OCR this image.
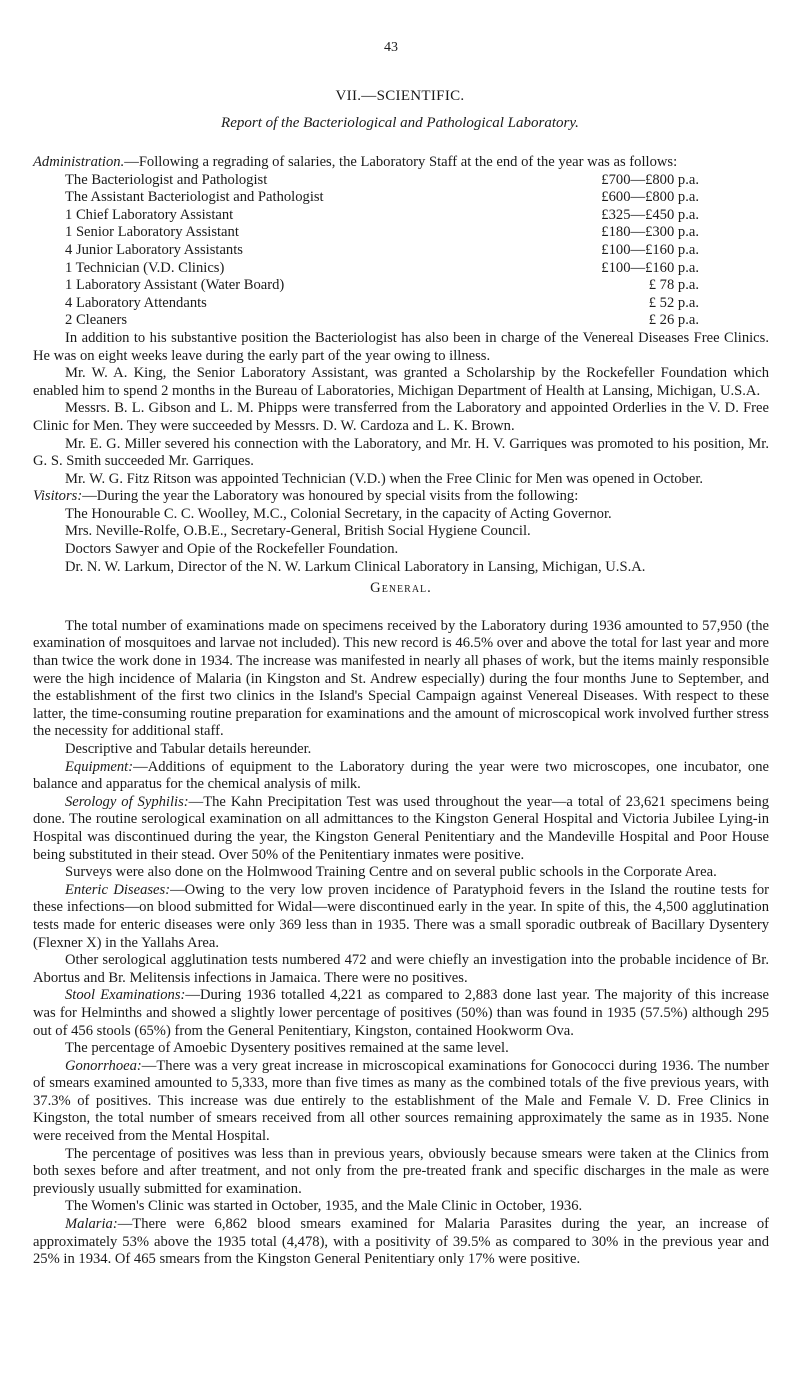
43
VII.—SCIENTIFIC.
Report of the Bacteriological and Pathological Laboratory.

Administration.—Following a regrading of salaries, the Laboratory Staff at the end of the year was as follows:

The Bacteriologist and Pathologist	£700—£800 p.a.
The Assistant Bacteriologist and Pathologist	£600—£800 p.a.
1 Chief Laboratory Assistant	£325—£450 p.a.
1 Senior Laboratory Assistant	£180—£300 p.a.
4 Junior Laboratory Assistants	£100—£160 p.a.
1 Technician (V.D. Clinics)	£100—£160 p.a.
1 Laboratory Assistant (Water Board)	£ 78 p.a.
4 Laboratory Attendants	£ 52 p.a.
2 Cleaners	£ 26 p.a.

In addition to his substantive position the Bacteriologist has also been in charge of the Venereal Diseases Free Clinics. He was on eight weeks leave during the early part of the year owing to illness.

Mr. W. A. King, the Senior Laboratory Assistant, was granted a Scholarship by the Rockefeller Foundation which enabled him to spend 2 months in the Bureau of Laboratories, Michigan Department of Health at Lansing, Michigan, U.S.A.

Messrs. B. L. Gibson and L. M. Phipps were transferred from the Laboratory and appointed Orderlies in the V. D. Free Clinic for Men. They were succeeded by Messrs. D. W. Cardoza and L. K. Brown.

Mr. E. G. Miller severed his connection with the Laboratory, and Mr. H. V. Garriques was promoted to his position, Mr. G. S. Smith succeeded Mr. Garriques.

Mr. W. G. Fitz Ritson was appointed Technician (V.D.) when the Free Clinic for Men was opened in October.

Visitors:—During the year the Laboratory was honoured by special visits from the following:

The Honourable C. C. Woolley, M.C., Colonial Secretary, in the capacity of Acting Governor.

Mrs. Neville-Rolfe, O.B.E., Secretary-General, British Social Hygiene Council.

Doctors Sawyer and Opie of the Rockefeller Foundation.

Dr. N. W. Larkum, Director of the N. W. Larkum Clinical Laboratory in Lansing, Michigan, U.S.A.

General.

The total number of examinations made on specimens received by the Laboratory during 1936 amounted to 57,950 (the examination of mosquitoes and larvae not included). This new record is 46.5% over and above the total for last year and more than twice the work done in 1934. The increase was manifested in nearly all phases of work, but the items mainly responsible were the high incidence of Malaria (in Kingston and St. Andrew especially) during the four months June to September, and the establishment of the first two clinics in the Island's Special Campaign against Venereal Diseases. With respect to these latter, the time-consuming routine preparation for examinations and the amount of microscopical work involved further stress the necessity for additional staff.

Descriptive and Tabular details hereunder.

Equipment:—Additions of equipment to the Laboratory during the year were two microscopes, one incubator, one balance and apparatus for the chemical analysis of milk.

Serology of Syphilis:—The Kahn Precipitation Test was used throughout the year—a total of 23,621 specimens being done. The routine serological examination on all admittances to the Kingston General Hospital and Victoria Jubilee Lying-in Hospital was discontinued during the year, the Kingston General Penitentiary and the Mandeville Hospital and Poor House being substituted in their stead. Over 50% of the Penitentiary inmates were positive.

Surveys were also done on the Holmwood Training Centre and on several public schools in the Corporate Area.

Enteric Diseases:—Owing to the very low proven incidence of Paratyphoid fevers in the Island the routine tests for these infections—on blood submitted for Widal—were discontinued early in the year. In spite of this, the 4,500 agglutination tests made for enteric diseases were only 369 less than in 1935. There was a small sporadic outbreak of Bacillary Dysentery (Flexner X) in the Yallahs Area.

Other serological agglutination tests numbered 472 and were chiefly an investigation into the probable incidence of Br. Abortus and Br. Melitensis infections in Jamaica. There were no positives.

Stool Examinations:—During 1936 totalled 4,221 as compared to 2,883 done last year. The majority of this increase was for Helminths and showed a slightly lower percentage of positives (50%) than was found in 1935 (57.5%) although 295 out of 456 stools (65%) from the General Penitentiary, Kingston, contained Hookworm Ova.

The percentage of Amoebic Dysentery positives remained at the same level.

Gonorrhoea:—There was a very great increase in microscopical examinations for Gonococci during 1936. The number of smears examined amounted to 5,333, more than five times as many as the combined totals of the five previous years, with 37.3% of positives. This increase was due entirely to the establishment of the Male and Female V. D. Free Clinics in Kingston, the total number of smears received from all other sources remaining approximately the same as in 1935. None were received from the Mental Hospital.

The percentage of positives was less than in previous years, obviously because smears were taken at the Clinics from both sexes before and after treatment, and not only from the pre-treated frank and specific discharges in the male as were previously usually submitted for examination.

The Women's Clinic was started in October, 1935, and the Male Clinic in October, 1936.

Malaria:—There were 6,862 blood smears examined for Malaria Parasites during the year, an increase of approximately 53% above the 1935 total (4,478), with a positivity of 39.5% as compared to 30% in the previous year and 25% in 1934. Of 465 smears from the Kingston General Penitentiary only 17% were positive.
